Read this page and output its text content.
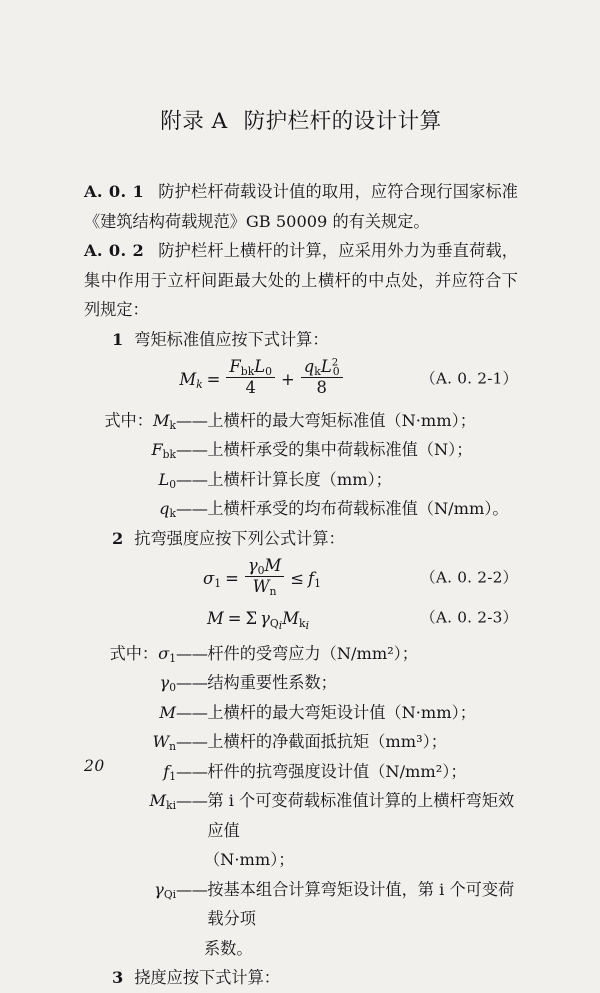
附录 A 防护栏杆的设计计算

A. 0. 1 防护栏杆荷载设计值的取用，应符合现行国家标准《建筑结构荷载规范》GB 50009 的有关规定。

A. 0. 2 防护栏杆上横杆的计算，应采用外力为垂直荷载，集中作用于立杆间距最大处的上横杆的中点处，并应符合下列规定：

1 弯矩标准值应按下式计算：

$M_k = \frac{F_{bk}L_0}{4} + \frac{q_kL^2_0}{8}$	（A. 0. 2-1）
式中：$M_k$ —— 上横杆的最大弯矩标准值（N·mm）；
$F_{bk}$ —— 上横杆承受的集中荷载标准值（N）；
$L_0$ —— 上横杆计算长度（mm）；
$q_k$ —— 上横杆承受的均布荷载标准值（N/mm）。

2 抗弯强度应按下列公式计算：

$\sigma_1 = \frac{\gamma_0M}{W_n} \le f_1$	（A. 0. 2-2）
M = Σ $\gamma_{Qi}$ $M_{ki}$	（A. 0. 2-3）
式中：$\sigma_1$ —— 杆件的受弯应力（N/mm²）；
$\gamma_0$ —— 结构重要性系数；
M —— 上横杆的最大弯矩设计值（N·mm）；
$W_n$ —— 上横杆的净截面抵抗矩（mm³）；
$f_1$ —— 杆件的抗弯强度设计值（N/mm²）；
$M_{ki}$ —— 第 i 个可变荷载标准值计算的上横杆弯矩效应值
（N·mm）；
$\gamma_{Qi}$ —— 按基本组合计算弯矩设计值，第 i 个可变荷载分项
系数。

3 挠度应按下式计算：

20
